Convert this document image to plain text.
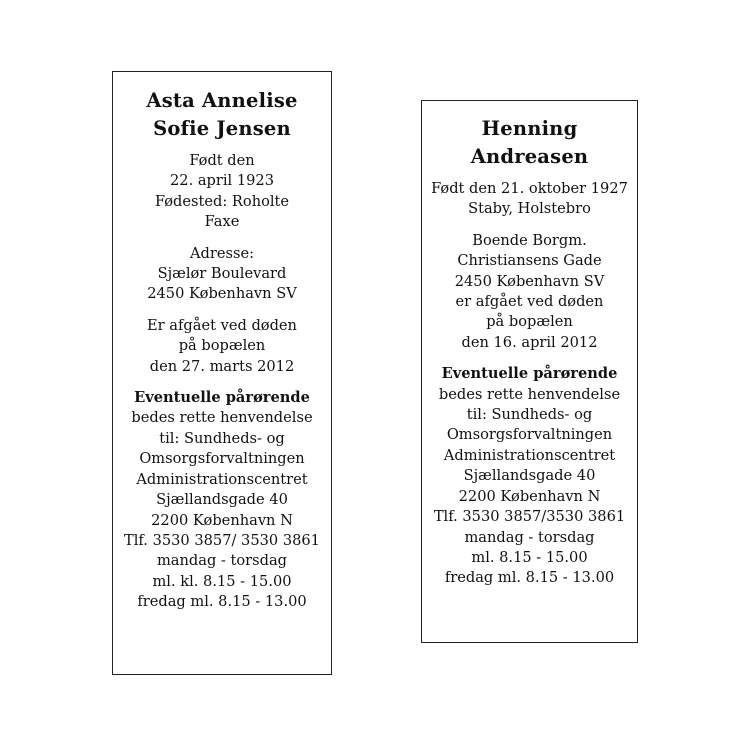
Asta Annelise
Sofie Jensen
Født den
22. april 1923
Fødested: Roholte
Faxe
Adresse:
Sjælør Boulevard
2450 København SV
Er afgået ved døden
på bopælen
den 27. marts 2012
Eventuelle pårørende
bedes rette henvendelse
til: Sundheds- og
Omsorgsforvaltningen
Administrationscentret
Sjællandsgade 40
2200 København N
Tlf. 3530 3857/ 3530 3861
mandag - torsdag
ml. kl. 8.15 - 15.00
fredag ml. 8.15 - 13.00
Henning
Andreasen
Født den 21. oktober 1927
Staby, Holstebro
Boende Borgm.
Christiansens Gade
2450 København SV
er afgået ved døden
på bopælen
den 16. april 2012
Eventuelle pårørende
bedes rette henvendelse
til: Sundheds- og
Omsorgsforvaltningen
Administrationscentret
Sjællandsgade 40
2200 København N
Tlf. 3530 3857/3530 3861
mandag - torsdag
ml. 8.15 - 15.00
fredag ml. 8.15 - 13.00
